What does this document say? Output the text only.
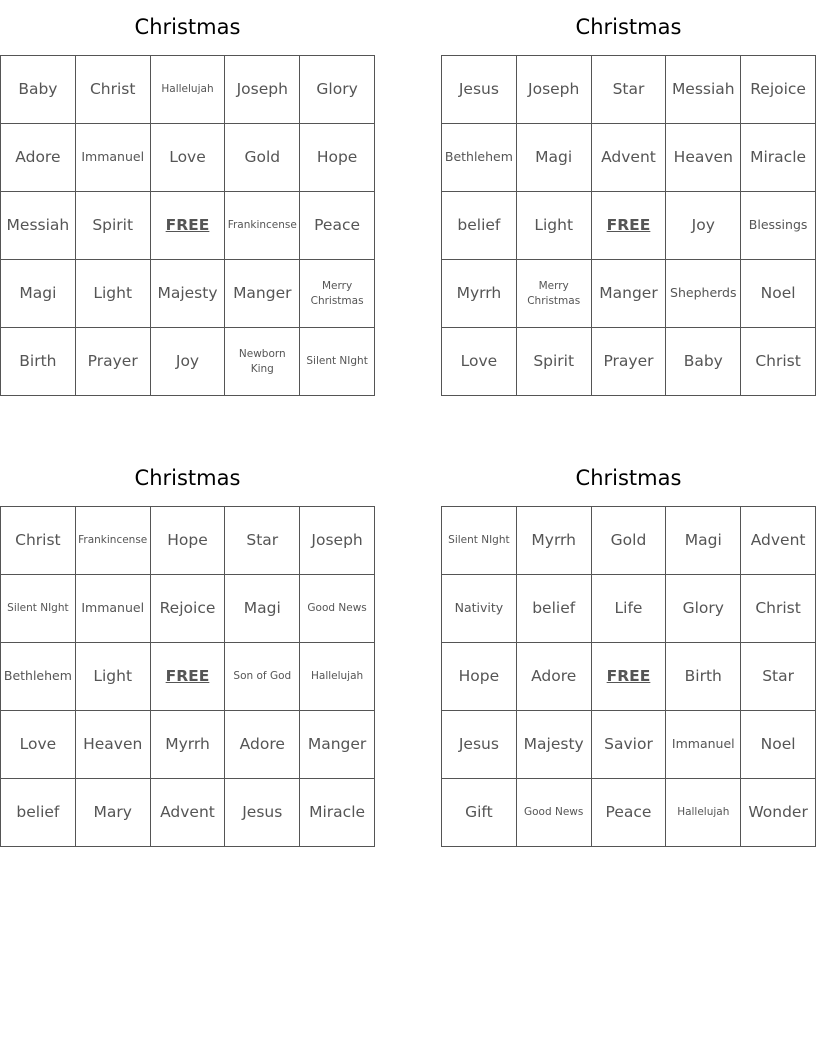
Christmas
Baby	Christ	Hallelujah	Joseph	Glory
Adore	Immanuel	Love	Gold	Hope
Messiah	Spirit	FREE	Frankincense	Peace
Magi	Light	Majesty	Manger	Merry Christmas
Birth	Prayer	Joy	Newborn King	Silent NIght
Christmas
Jesus	Joseph	Star	Messiah	Rejoice
Bethlehem	Magi	Advent	Heaven	Miracle
belief	Light	FREE	Joy	Blessings
Myrrh	Merry Christmas	Manger	Shepherds	Noel
Love	Spirit	Prayer	Baby	Christ
Christmas
Christ	Frankincense	Hope	Star	Joseph
Silent NIght	Immanuel	Rejoice	Magi	Good News
Bethlehem	Light	FREE	Son of God	Hallelujah
Love	Heaven	Myrrh	Adore	Manger
belief	Mary	Advent	Jesus	Miracle
Christmas
Silent NIght	Myrrh	Gold	Magi	Advent
Nativity	belief	Life	Glory	Christ
Hope	Adore	FREE	Birth	Star
Jesus	Majesty	Savior	Immanuel	Noel
Gift	Good News	Peace	Hallelujah	Wonder
